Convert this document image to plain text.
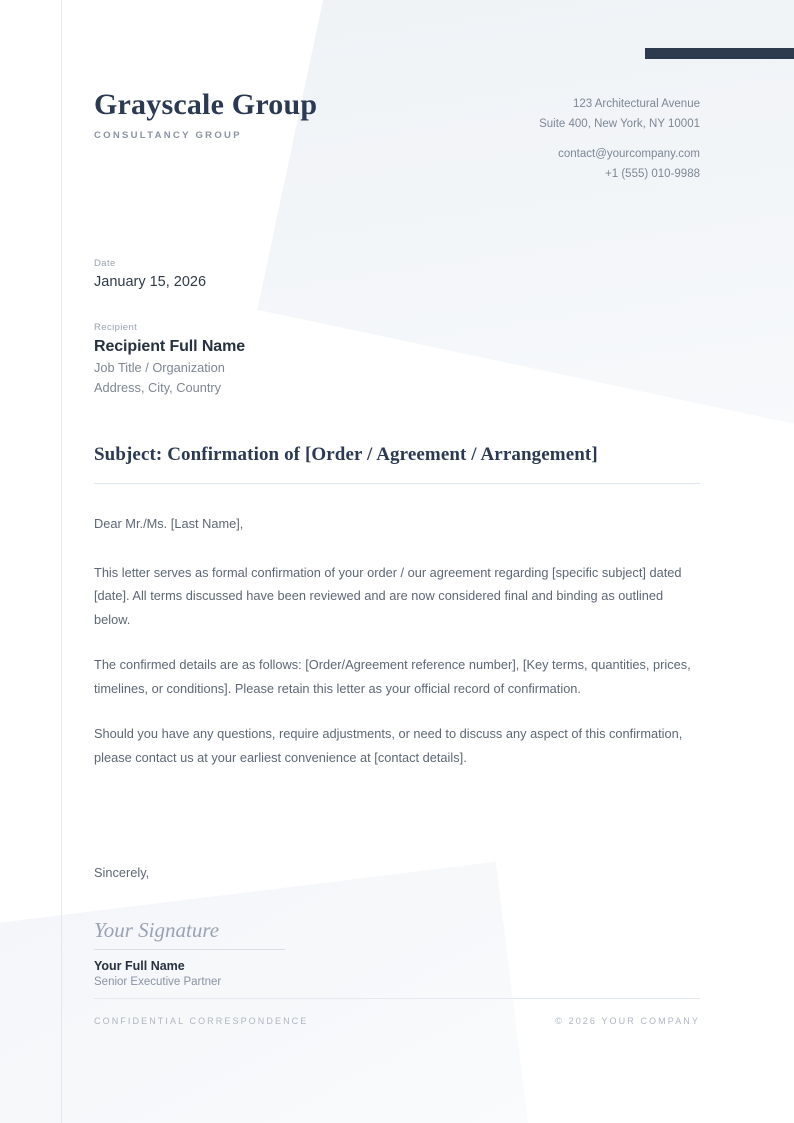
Grayscale Group
CONSULTANCY GROUP
123 Architectural Avenue
Suite 400, New York, NY 10001
contact@yourcompany.com
+1 (555) 010-9988
Date
January 15, 2026
Recipient
Recipient Full Name
Job Title / Organization
Address, City, Country
Subject: Confirmation of [Order / Agreement / Arrangement]

Dear Mr./Ms. [Last Name],

This letter serves as formal confirmation of your order / our agreement regarding [specific subject] dated [date]. All terms discussed have been reviewed and are now considered final and binding as outlined below.

The confirmed details are as follows: [Order/Agreement reference number], [Key terms, quantities, prices, timelines, or conditions]. Please retain this letter as your official record of confirmation.

Should you have any questions, require adjustments, or need to discuss any aspect of this confirmation, please contact us at your earliest convenience at [contact details].

Sincerely,
Your Signature
Your Full Name
Senior Executive Partner
CONFIDENTIAL CORRESPONDENCE	© 2026 YOUR COMPANY
